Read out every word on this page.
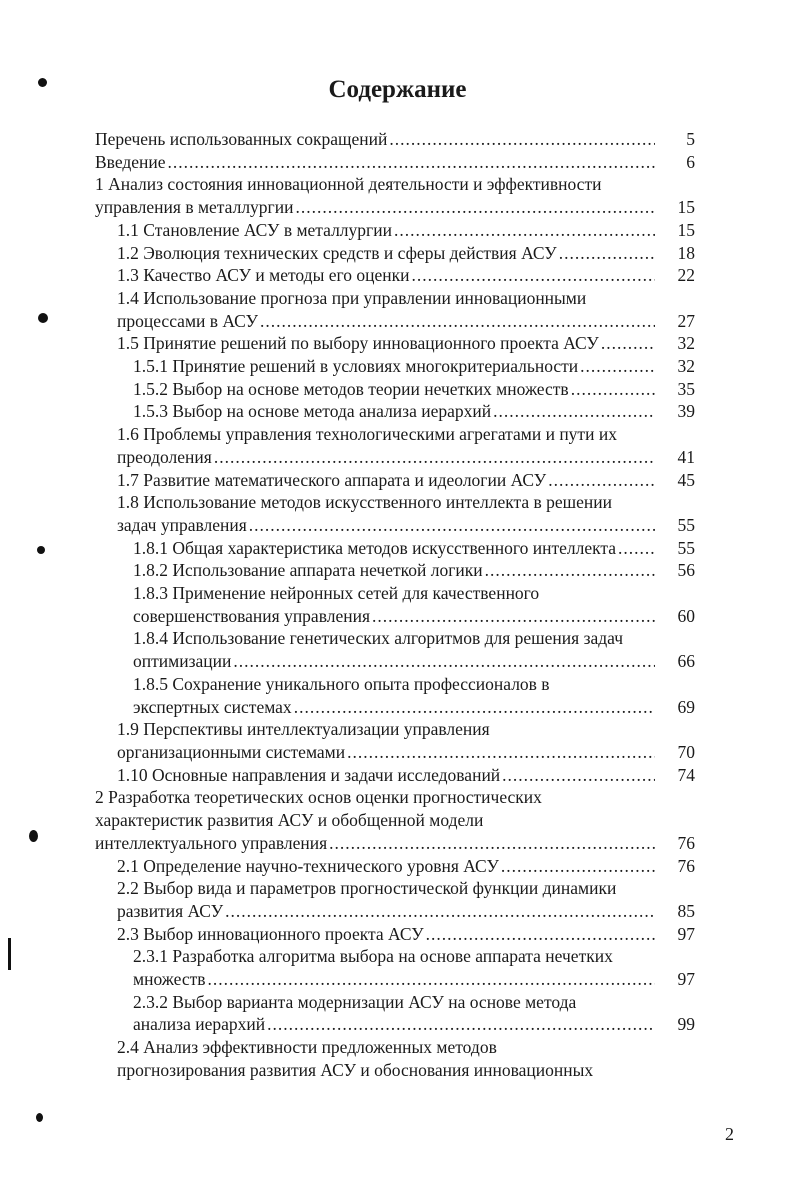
Содержание
Перечень использованных сокращений .....	5
Введение .....	6
1 Анализ состояния инновационной деятельности и эффективности
управления в металлургии .....	15
1.1 Становление АСУ в металлургии .....	15
1.2 Эволюция технических средств и сферы действия АСУ .....	18
1.3 Качество АСУ и методы его оценки .....	22
1.4 Использование прогноза при управлении инновационными
процессами в АСУ .....	27
1.5 Принятие решений по выбору инновационного проекта АСУ .....	32
1.5.1 Принятие решений в условиях многокритериальности .....	32
1.5.2 Выбор на основе методов теории нечетких множеств .....	35
1.5.3 Выбор на основе метода анализа иерархий .....	39
1.6 Проблемы управления технологическими агрегатами и пути их
преодоления .....	41
1.7 Развитие математического аппарата и идеологии АСУ .....	45
1.8 Использование методов искусственного интеллекта в решении
задач управления .....	55
1.8.1 Общая характеристика методов искусственного интеллекта .....	55
1.8.2 Использование аппарата нечеткой логики .....	56
1.8.3 Применение нейронных сетей для качественного
совершенствования управления .....	60
1.8.4 Использование генетических алгоритмов для решения задач
оптимизации .....	66
1.8.5 Сохранение уникального опыта профессионалов в
экспертных системах .....	69
1.9 Перспективы интеллектуализации управления
организационными системами .....	70
1.10 Основные направления и задачи исследований .....	74
2 Разработка теоретических основ оценки прогностических
характеристик развития АСУ и обобщенной модели
интеллектуального управления .....	76
2.1 Определение научно-технического уровня АСУ .....	76
2.2 Выбор вида и параметров прогностической функции динамики
развития АСУ .....	85
2.3 Выбор инновационного проекта АСУ .....	97
2.3.1 Разработка алгоритма выбора на основе аппарата нечетких
множеств .....	97
2.3.2 Выбор варианта модернизации АСУ на основе метода
анализа иерархий .....	99
2.4 Анализ эффективности предложенных методов
прогнозирования развития АСУ и обоснования инновационных
2
